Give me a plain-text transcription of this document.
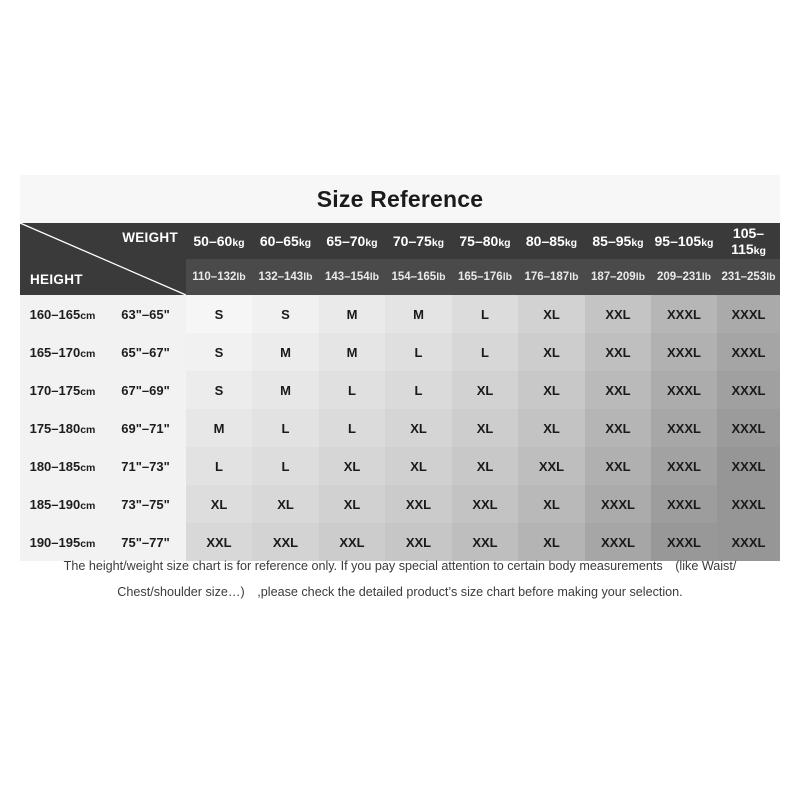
Size Reference
WEIGHT
HEIGHT		50–60kg	60–65kg	65–70kg	70–75kg	75–80kg	80–85kg	85–95kg	95–105kg	105–115kg
		110–132lb	132–143lb	143–154lb	154–165lb	165–176lb	176–187lb	187–209lb	209–231lb	231–253lb
160–165cm	63"–65"	S	S	M	M	L	XL	XXL	XXXL	XXXL
165–170cm	65"–67"	S	M	M	L	L	XL	XXL	XXXL	XXXL
170–175cm	67"–69"	S	M	L	L	XL	XL	XXL	XXXL	XXXL
175–180cm	69"–71"	M	L	L	XL	XL	XL	XXL	XXXL	XXXL
180–185cm	71"–73"	L	L	XL	XL	XL	XXL	XXL	XXXL	XXXL
185–190cm	73"–75"	XL	XL	XL	XXL	XXL	XL	XXXL	XXXL	XXXL
190–195cm	75"–77"	XXL	XXL	XXL	XXL	XXL	XL	XXXL	XXXL	XXXL
The height/weight size chart is for reference only. If you pay special attention to certain body measurements　(like Waist/ Chest/shoulder size…)　,please check the detailed product’s size chart before making your selection.
